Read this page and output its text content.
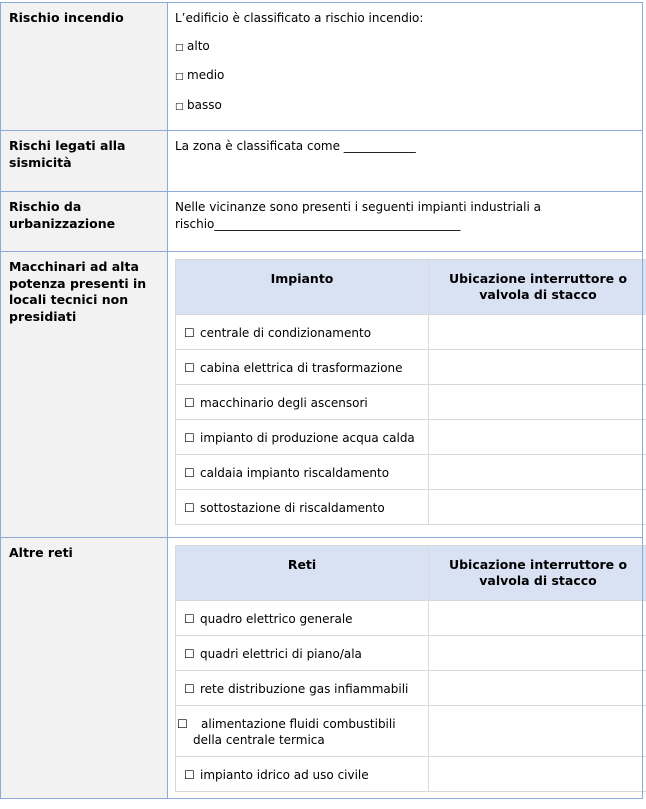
Rischio incendio	L’edificio è classificato a rischio incendio:
□ alto
□ medio
□ basso

Rischi legati alla sismicità	La zona è classificata come ____________
Rischio da urbanizzazione	Nelle vicinanze sono presenti i seguenti impianti industriali a rischio_________________________________________
Macchinari ad alta potenza presenti in locali tecnici non presidiati	
Impianto	Ubicazione interruttore o valvola di stacco
☐ centrale di condizionamento	
☐ cabina elettrica di trasformazione	
☐ macchinario degli ascensori	
☐ impianto di produzione acqua calda	
☐ caldaia impianto riscaldamento	
☐ sottostazione di riscaldamento	

Altre reti	
Reti	Ubicazione interruttore o valvola di stacco
☐ quadro elettrico generale	
☐ quadri elettrici di piano/ala	
☐ rete distribuzione gas infiammabili	
☐ alimentazione fluidi combustibili della centrale termica	
☐ impianto idrico ad uso civile	
